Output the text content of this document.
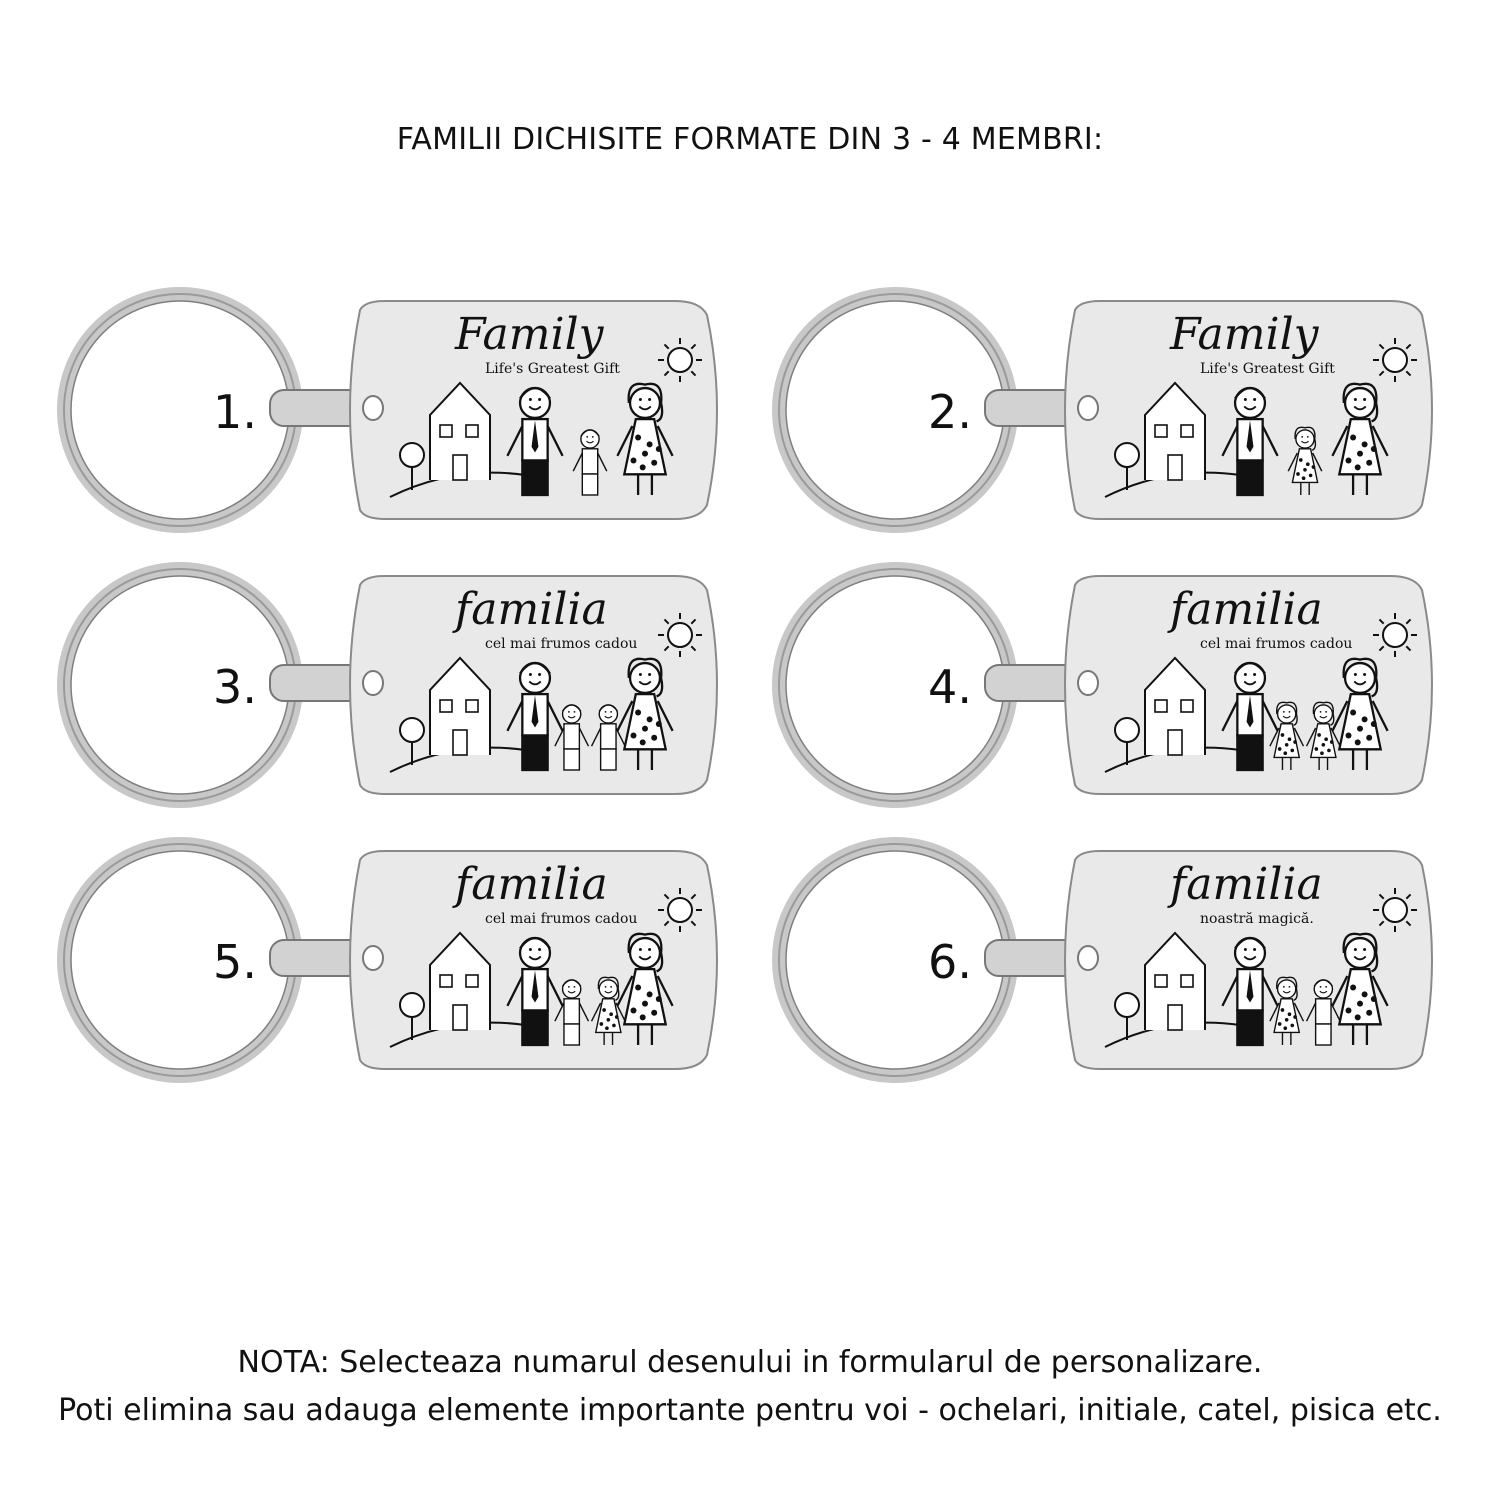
FAMILII DICHISITE FORMATE DIN 3 - 4 MEMBRI:
Family
Life's Greatest Gift
1.
Family
Life's Greatest Gift
2.
familia
cel mai frumos cadou
3.
familia
cel mai frumos cadou
4.
familia
cel mai frumos cadou
5.
familia
noastră magică.
6.
NOTA: Selecteaza numarul desenului in formularul de personalizare.
Poti elimina sau adauga elemente importante pentru voi - ochelari, initiale, catel, pisica etc.
